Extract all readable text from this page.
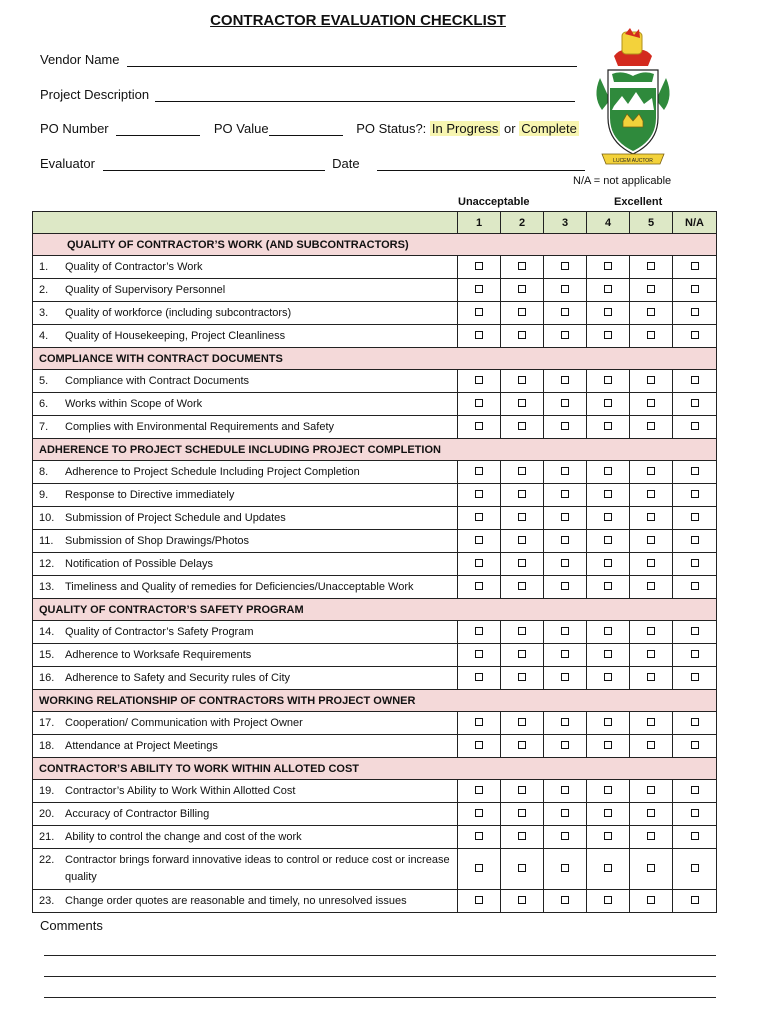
CONTRACTOR EVALUATION CHECKLIST
Vendor Name
Project Description
PO Number	PO Value	PO Status?: In Progress or Complete
Evaluator	Date	LUCEM AUCTOR
N/A = not applicable
Unacceptable	Excellent
	1	2	3	4	5	N/A
QUALITY OF CONTRACTOR’S WORK (AND SUBCONTRACTORS)						

1. Quality of Contractor’s Work						

2. Quality of Supervisory Personnel						

3. Quality of workforce (including subcontractors)						

4. Quality of Housekeeping, Project Cleanliness						

COMPLIANCE WITH CONTRACT DOCUMENTS						

5. Compliance with Contract Documents						

6. Works within Scope of Work						

7. Complies with Environmental Requirements and Safety						

ADHERENCE TO PROJECT SCHEDULE INCLUDING PROJECT COMPLETION						

8. Adherence to Project Schedule Including Project Completion						

9. Response to Directive immediately						

10. Submission of Project Schedule and Updates						

11. Submission of Shop Drawings/Photos						

12. Notification of Possible Delays						

13. Timeliness and Quality of remedies for Deficiencies/Unacceptable Work						

QUALITY OF CONTRACTOR’S SAFETY PROGRAM						

14. Quality of Contractor’s Safety Program						

15. Adherence to Worksafe Requirements						

16. Adherence to Safety and Security rules of City						

WORKING RELATIONSHIP OF CONTRACTORS WITH PROJECT OWNER						

17. Cooperation/ Communication with Project Owner						

18. Attendance at Project Meetings						

CONTRACTOR’S ABILITY TO WORK WITHIN ALLOTED COST						

19. Contractor’s Ability to Work Within Allotted Cost						

20. Accuracy of Contractor Billing						

21. Ability to control the change and cost of the work						

22. Contractor brings forward innovative ideas to control or reduce cost or increase quality						

23. Change order quotes are reasonable and timely, no unresolved issues						

Comments
